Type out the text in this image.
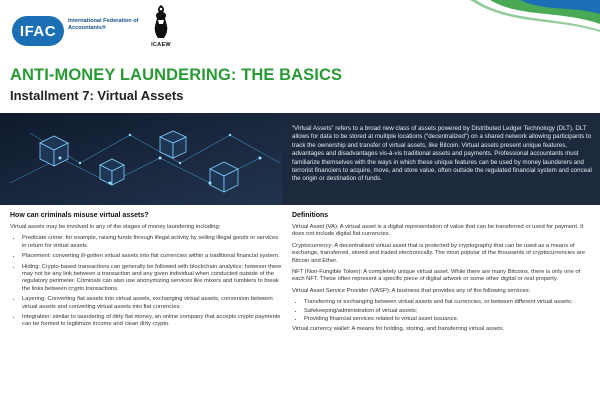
IFAC
International Federation of Accountants®
ICAEW
ANTI-MONEY LAUNDERING: THE BASICS
Installment 7: Virtual Assets

“Virtual Assets” refers to a broad new class of assets powered by Distributed Ledger Technology (DLT). DLT allows for data to be stored at multiple locations (“decentralized”) on a shared network allowing participants to track the ownership and transfer of virtual assets, like Bitcoin. Virtual assets present unique features, advantages and disadvantages vis-à-vis traditional assets and payments. Professional accountants must familiarize themselves with the ways in which these unique features can be used by money launderers and terrorist financiers to acquire, move, and store value, often outside the regulated financial system and conceal the origin or destination of funds.

How can criminals misuse virtual assets?

Virtual assets may be involved in any of the stages of money laundering including:

• Predicate crime: for example, raising funds through illegal activity by selling illegal goods or services in return for virtual assets.
• Placement: converting ill-gotten virtual assets into fiat currencies within a traditional financial system.
• Hiding: Crypto-based transactions can generally be followed with blockchain analytics; however there may not be any link between a transaction and any given individual when conducted outside of the regulatory perimeter. Criminals can also use anonymizing services like mixers and tumblers to break the links between crypto transactions.
• Layering: Converting fiat assets into virtual assets, exchanging virtual assets, conversion between virtual assets and converting virtual assets into fiat currencies.
• Integration: similar to laundering of dirty fiat money, an online company that accepts crypto payments can be formed to legitimize income and clean dirty crypto.
Definitions

Virtual Asset (VA): A virtual asset is a digital representation of value that can be transferred or used for payment. It does not include digital fiat currencies.

Cryptocurrency: A decentralised virtual asset that is protected by cryptography that can be used as a means of exchange, transferred, stored and traded electronically. The most popular of the thousands of cryptocurrencies are Bitcoin and Ether.

NFT (Non-Fungible Token): A completely unique virtual asset. While there are many Bitcoins, there is only one of each NFT. These often represent a specific piece of digital artwork or some other digital or real property.

Virtual Asset Service Provider (VASP): A business that provides any of the following services:

• Transferring or exchanging between virtual assets and fiat currencies, or between different virtual assets;
• Safekeeping/administration of virtual assets;
• Providing financial services related to virtual asset issuance.

Virtual currency wallet: A means for holding, storing, and transferring virtual assets.
